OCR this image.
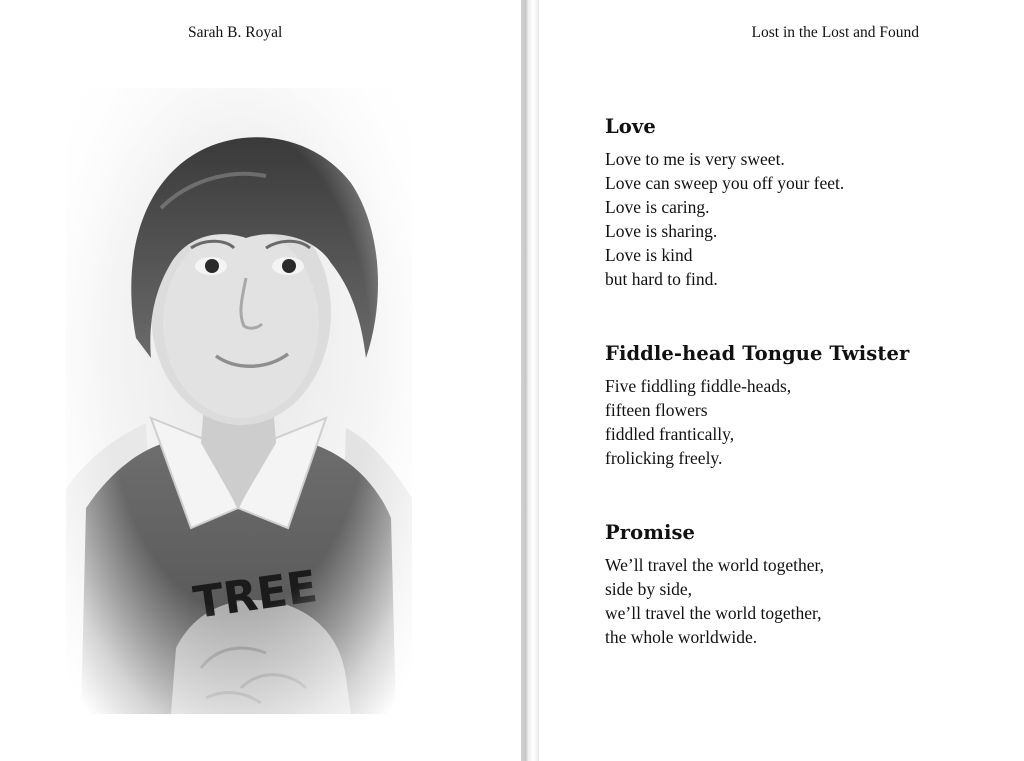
Sarah B. Royal	Lost in the Lost and Found
Love
Love to me is very sweet.
Love can sweep you off your feet.
Love is caring.
Love is sharing.
Love is kind
but hard to find.
Fiddle-head Tongue Twister
Five fiddling fiddle-heads,
fifteen flowers
fiddled frantically,
frolicking freely.
Promise
We’ll travel the world together,
side by side,
we’ll travel the world together,
the whole worldwide.
